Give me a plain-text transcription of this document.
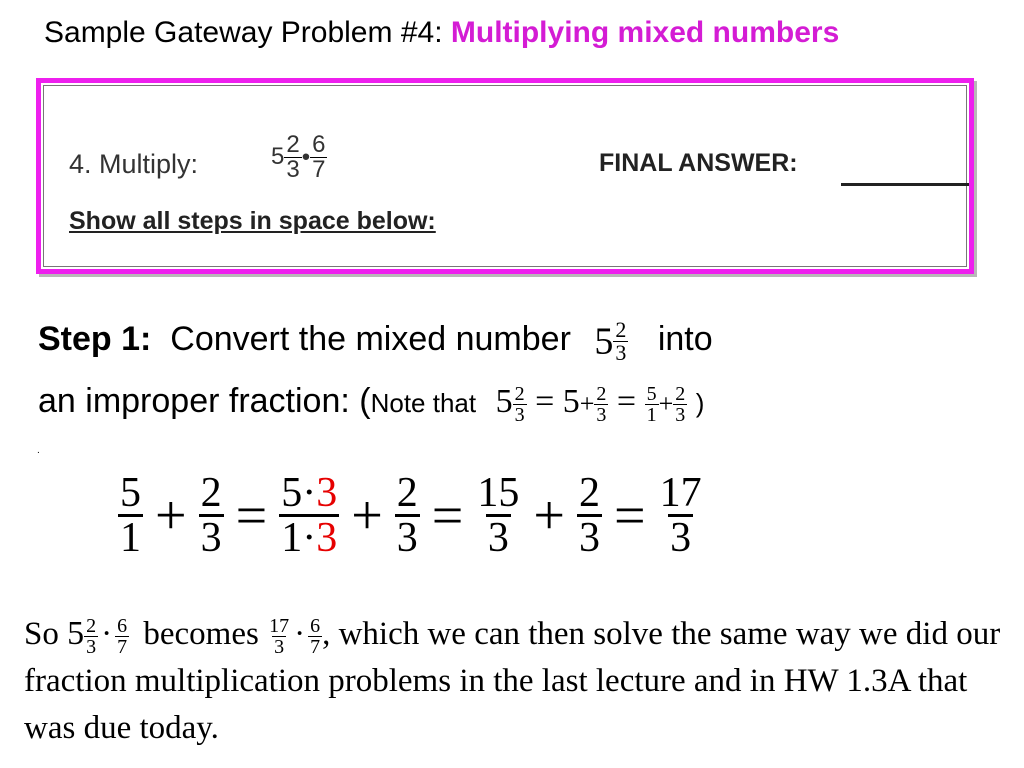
Sample Gateway Problem #4: Multiplying mixed numbers
4. Multiply:	$5 \frac{2}{3}$ • $\frac{6}{7}$	FINAL ANSWER:
Show all steps in space below:
Step 1: Convert the mixed number $5 \frac{2}{3}$ into
an improper fraction: (Note that $5 \frac{2}{3} = 5+ \frac{2}{3} = \frac{5}{1} + \frac{2}{3}$ )
.
$\frac{5}{1} + \frac{2}{3} = \frac{5\cdot 3}{1\cdot 3} + \frac{2}{3} = \frac{15}{3} + \frac{2}{3} = \frac{17}{3}$
So $5 \frac{2}{3} \cdot \frac{6}{7}$ becomes $\frac{17}{3} \cdot \frac{6}{7}$ , which we can then solve the same way we did our fraction multiplication problems in the last lecture and in HW 1.3A that was due today.
